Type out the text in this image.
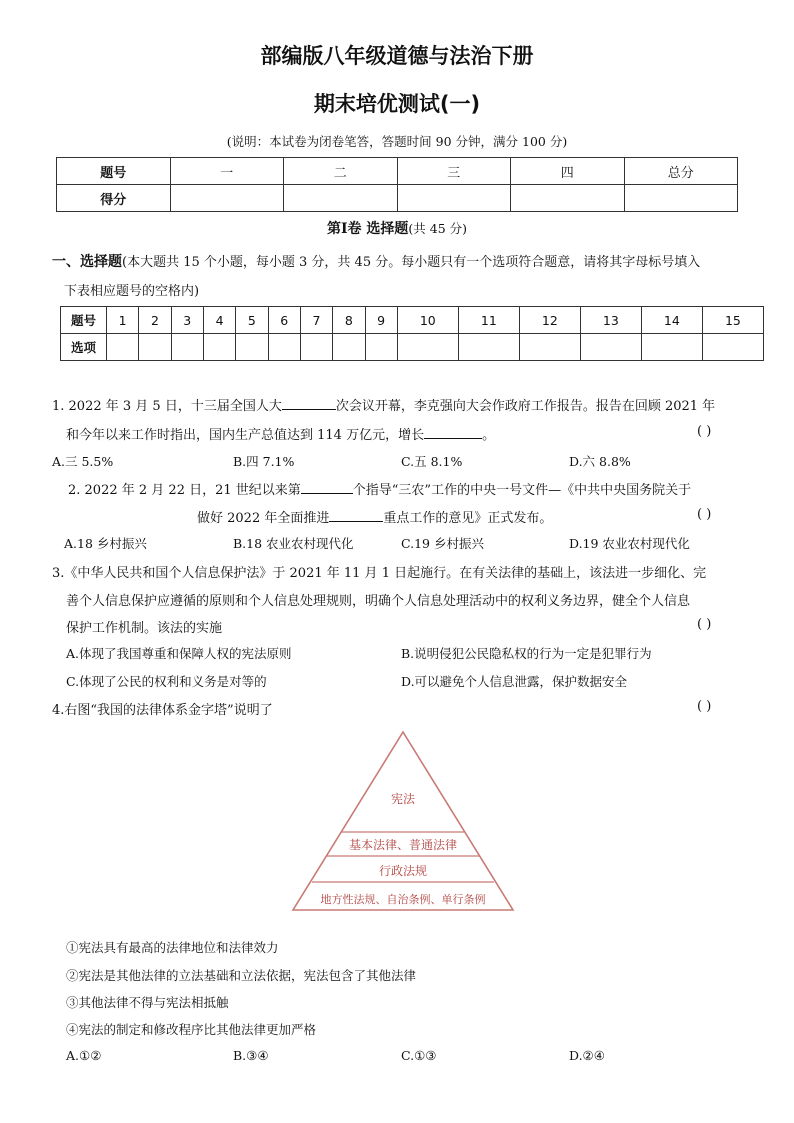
部编版八年级道德与法治下册
期末培优测试(一)
(说明：本试卷为闭卷笔答，答题时间 90 分钟，满分 100 分)
题号	一	二	三	四	总分
得分					
第Ⅰ卷 选择题(共 45 分)
一、选择题(本大题共 15 个小题，每小题 3 分，共 45 分。每小题只有一个选项符合题意，请将其字母标号填入
下表相应题号的空格内)
题号	1	2	3	4	5	6	7	8	9	10	11	12	13	14	15
选项															
1. 2022 年 3 月 5 日，十三届全国人大	次会议开幕，李克强向大会作政府工作报告。报告在回顾 2021 年
和今年以来工作时指出，国内生产总值达到 114 万亿元，增长	。	( )
A.三 5.5%	B.四 7.1%	C.五 8.1%	D.六 8.8%
2. 2022 年 2 月 22 日，21 世纪以来第	个指导“三农”工作的中央一号文件—《中共中央国务院关于
做好 2022 年全面推进	重点工作的意见》正式发布。	( )
A.18 乡村振兴	B.18 农业农村现代化	C.19 乡村振兴	D.19 农业农村现代化
3.《中华人民共和国个人信息保护法》于 2021 年 11 月 1 日起施行。在有关法律的基础上，该法进一步细化、完
善个人信息保护应遵循的原则和个人信息处理规则，明确个人信息处理活动中的权利义务边界，健全个人信息
保护工作机制。该法的实施	( )
A.体现了我国尊重和保障人权的宪法原则	B.说明侵犯公民隐私权的行为一定是犯罪行为
C.体现了公民的权利和义务是对等的	D.可以避免个人信息泄露，保护数据安全
4.右图“我国的法律体系金字塔”说明了	( )
宪法
基本法律、普通法律
行政法规
地方性法规、自治条例、单行条例
①宪法具有最高的法律地位和法律效力
②宪法是其他法律的立法基础和立法依据，宪法包含了其他法律
③其他法律不得与宪法相抵触
④宪法的制定和修改程序比其他法律更加严格
A.①②	B.③④	C.①③	D.②④
